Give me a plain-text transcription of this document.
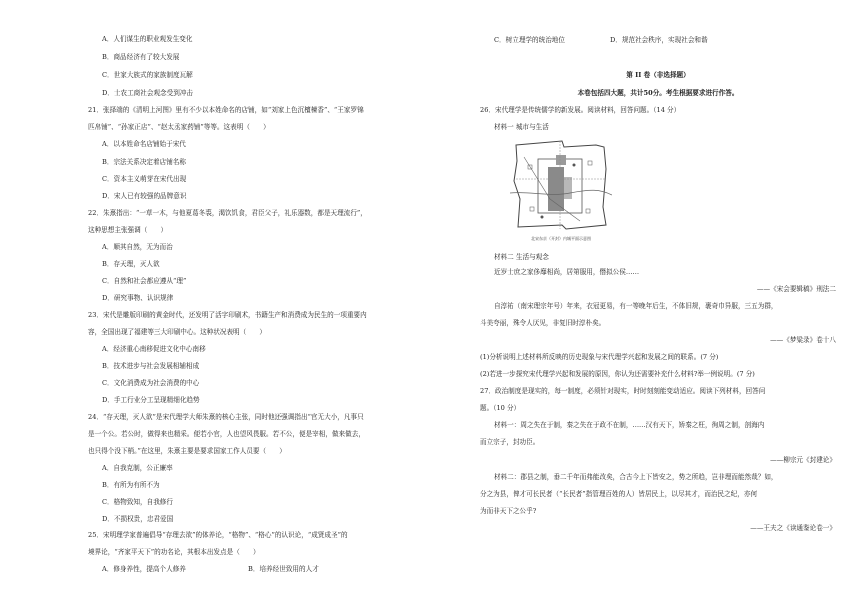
A．人们谋生的职业观发生变化
B．商品经济有了较大发展
C．世家大族式的家族制度瓦解
D．士农工商社会观念受到冲击
21．张择端的《清明上河图》里有不少以本姓命名的店铺，如“刘家上色沉檀楝香”、“王家罗锦
匹帛铺”、“孙家正店”、“赵太丞家药铺”等等。这表明（　　）
A．以本姓命名店铺始于宋代
B．宗法关系决定着店铺名称
C．资本主义萌芽在宋代出现
D．宋人已有较强的品牌意识
22．朱熹指出：“一草一木，与他夏葛冬裘，渴饮饥食，君臣父子，礼乐器数，都是天理流行”，
这种思想主张强调（　　）
A．顺其自然，无为而治
B．存天理，灭人欲
C．自然和社会都应遵从“理”
D．研究事物、认识规律
23．宋代是雕版印刷的黄金时代，还发明了活字印刷术，书籍生产和消费成为民生的一项重要内
容，全国出现了福建等三大印刷中心。这种状况表明（　　）
A．经济重心南移促进文化中心南移
B．技术进步与社会发展相辅相成
C．文化消费成为社会消费的中心
D．手工行业分工呈现精细化趋势
24．“存天理，灭人欲”是宋代理学大师朱熹的核心主张，同时他还强调指出“官无大小，凡事只
是一个公。若公时，做得来也精采。便若小官，人也望风畏服。若不公，便是宰相，做来做去，
也只得个没下梢。”在这里，朱熹主要是要求国家工作人员要（　　）
A．自我克制，公正廉率
B．有所为有所不为
C．格物致知，自我修行
D．不损权贵，忠君爱国
25．宋明理学家普遍倡导“存理去欲”的体养论，“格物”、“格心”的认识论，“成贤成圣”的
境界论，“齐家平天下”的功名论，其根本出发点是（　　）
A．修身养性，提高个人修养	B．培养经世致用的人才
C．树立理学的统治地位	D．规范社会秩序，实现社会和谐
第 II 卷（非选择题）
本卷包括四大题，共计50分。考生根据要求进行作答。
26．宋代理学是传统儒学的新发展。阅读材料，回答问题。（14 分）
材料一 城市与生活
北宋东京（开封）内城平面示意图
材料二 生活与观念
近岁士庶之家侈靡相尚，居第服用，僭拟公侯……
——《宋会要辑稿》刑法二
自淳祐（南宋理宗年号）年来，衣冠更易，有一等晚年后生，不体旧规，裹奇巾异服，三五为群，
斗美夸丽，殊令人厌见，非复旧时淳朴矣。
——《梦粱录》卷十八
(1)分析说明上述材料所反映的历史现象与宋代理学兴起和发展之间的联系。(7 分)
(2)若进一步探究宋代理学兴起和发展的原因，你认为还需要补充什么材料?举一例说明。(7 分)
27．政治制度是现实的，每一制度，必须针对现实，时时刻刻能变动适应。阅读下列材料，回答问
题。（10 分）
材料一：周之失在于制，秦之失在于政不在制，……汉有天下，矫秦之枉，徇周之制，剖海内
而立宗子，封功臣。
——柳宗元《封建论》
材料二：郡县之制，垂二千年而弗能改矣，合古今上下皆安之，势之所趋，岂非理而能然哉？如，
分之为县，俾才可长民者（“长民者”指管理百姓的人）皆居民上，以尽其才，而治民之纪，亦何
为而非天下之公乎?
——王夫之《读通鉴论卷一》
